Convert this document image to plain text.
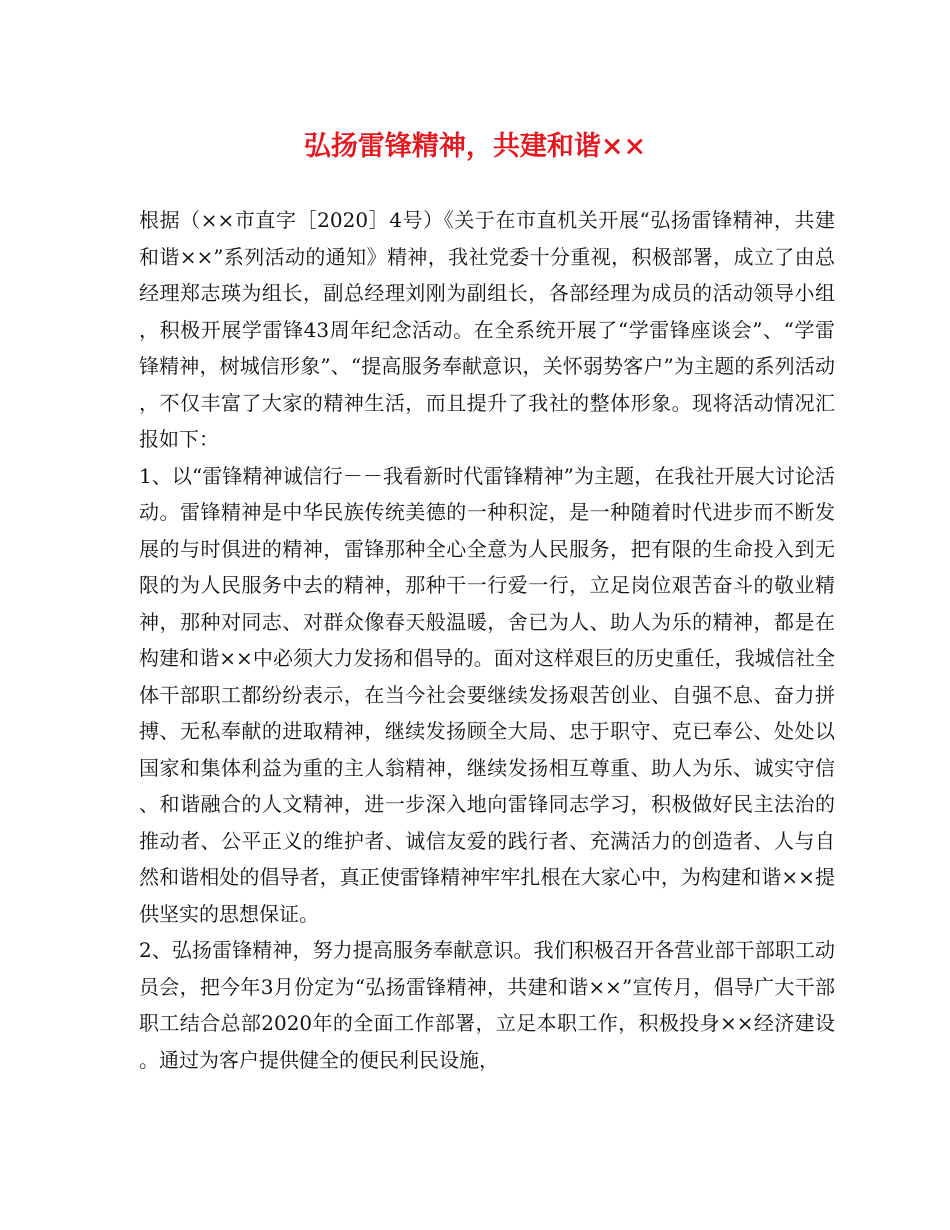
弘扬雷锋精神，共建和谐××

根据（××市直字［2020］4号）《关于在市直机关开展“弘扬雷锋精神，共建和谐××”系列活动的通知》精神，我社党委十分重视，积极部署，成立了由总经理郑志瑛为组长，副总经理刘刚为副组长，各部经理为成员的活动领导小组，积极开展学雷锋43周年纪念活动。在全系统开展了“学雷锋座谈会”、“学雷锋精神，树城信形象”、“提高服务奉献意识，关怀弱势客户”为主题的系列活动，不仅丰富了大家的精神生活，而且提升了我社的整体形象。现将活动情况汇报如下：

1、以“雷锋精神诚信行－－我看新时代雷锋精神”为主题，在我社开展大讨论活动。雷锋精神是中华民族传统美德的一种积淀，是一种随着时代进步而不断发展的与时俱进的精神，雷锋那种全心全意为人民服务，把有限的生命投入到无限的为人民服务中去的精神，那种干一行爱一行，立足岗位艰苦奋斗的敬业精神，那种对同志、对群众像春天般温暖，舍已为人、助人为乐的精神，都是在构建和谐××中必须大力发扬和倡导的。面对这样艰巨的历史重任，我城信社全体干部职工都纷纷表示，在当今社会要继续发扬艰苦创业、自强不息、奋力拼搏、无私奉献的进取精神，继续发扬顾全大局、忠于职守、克已奉公、处处以国家和集体利益为重的主人翁精神，继续发扬相互尊重、助人为乐、诚实守信、和谐融合的人文精神，进一步深入地向雷锋同志学习，积极做好民主法治的推动者、公平正义的维护者、诚信友爱的践行者、充满活力的创造者、人与自然和谐相处的倡导者，真正使雷锋精神牢牢扎根在大家心中，为构建和谐××提供坚实的思想保证。

2、弘扬雷锋精神，努力提高服务奉献意识。我们积极召开各营业部干部职工动员会，把今年3月份定为“弘扬雷锋精神，共建和谐××”宣传月，倡导广大干部职工结合总部2020年的全面工作部署，立足本职工作，积极投身××经济建设。通过为客户提供健全的便民利民设施，
